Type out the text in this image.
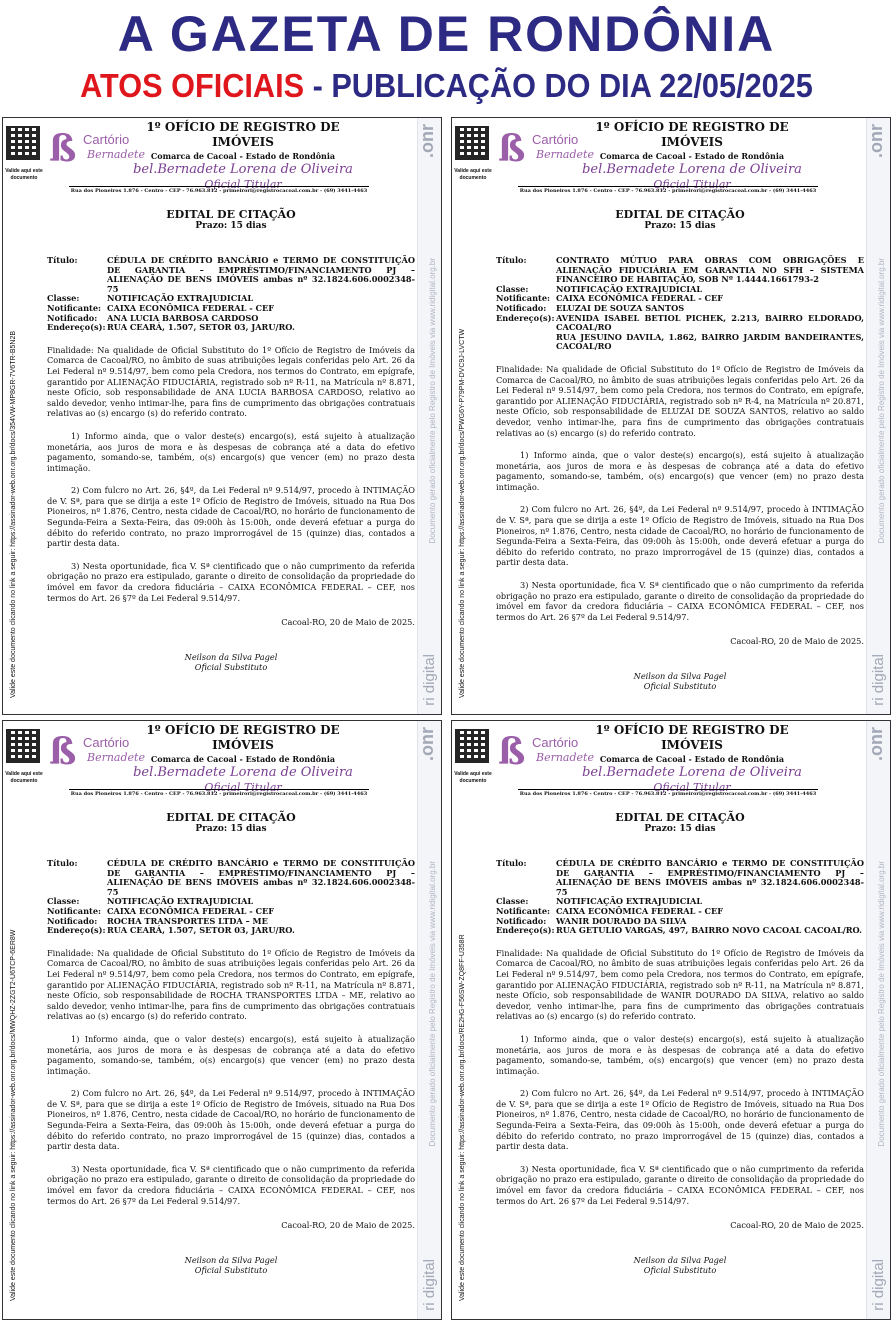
A GAZETA DE RONDÔNIA
ATOS OFICIAIS - PUBLICAÇÃO DO DIA 22/05/2025
Valide aqui este documento
ß Cartório
Bernadete
1º OFÍCIO DE REGISTRO DE IMÓVEIS
Comarca de Cacoal - Estado de Rondônia
bel.Bernadete Lorena de Oliveira
Oficial Titular
Rua dos Pioneiros 1.876 - Centro - CEP - 76.963.812 - primeirori@registrocacoal.com.br - (69) 3441-4463
Valide este documento clicando no link a seguir: https://assinador-web.onr.org.br/docs/354VW-MP8GR-7V6TR-B5N2B
.onr
Documento gerado oficialmente pelo Registro de Imóveis via www.ridigital.org.br
ri digital
EDITAL DE CITAÇÃO
Prazo: 15 dias
Título:	CÉDULA DE CRÉDITO BANCÁRIO e TERMO DE CONSTITUIÇÃO DE GARANTIA – EMPRÉSTIMO/FINANCIAMENTO PJ – ALIENAÇÃO DE BENS IMÓVEIS ambas nº 32.1824.606.0002348-75
Classe:	NOTIFICAÇÃO EXTRAJUDICIAL
Notificante:	CAIXA ECONÔMICA FEDERAL - CEF
Notificado:	ANA LUCIA BARBOSA CARDOSO
Endereço(s):	RUA CEARÁ, 1.507, SETOR 03, JARU/RO.
Finalidade: Na qualidade de Oficial Substituto do 1º Ofício de Registro de Imóveis da Comarca de Cacoal/RO, no âmbito de suas atribuições legais conferidas pelo Art. 26 da Lei Federal nº 9.514/97, bem como pela Credora, nos termos do Contrato, em epígrafe, garantido por ALIENAÇÃO FIDUCIÁRIA, registrado sob nº R-11, na Matrícula nº 8.871, neste Ofício, sob responsabilidade de ANA LUCIA BARBOSA CARDOSO, relativo ao saldo devedor, venho intimar-lhe, para fins de cumprimento das obrigações contratuais relativas ao (s) encargo (s) do referido contrato.
1) Informo ainda, que o valor deste(s) encargo(s), está sujeito à atualização monetária, aos juros de mora e às despesas de cobrança até a data do efetivo pagamento, somando-se, também, o(s) encargo(s) que vencer (em) no prazo desta intimação.
2) Com fulcro no Art. 26, §4º, da Lei Federal nº 9.514/97, procedo à INTIMAÇÃO de V. Sª, para que se dirija a este 1º Ofício de Registro de Imóveis, situado na Rua Dos Pioneiros, nº 1.876, Centro, nesta cidade de Cacoal/RO, no horário de funcionamento de Segunda-Feira a Sexta-Feira, das 09:00h às 15:00h, onde deverá efetuar a purga do débito do referido contrato, no prazo improrrogável de 15 (quinze) dias, contados a partir desta data.
3) Nesta oportunidade, fica V. Sª cientificado que o não cumprimento da referida obrigação no prazo era estipulado, garante o direito de consolidação da propriedade do imóvel em favor da credora fiduciária – CAIXA ECONÔMICA FEDERAL – CEF, nos termos do Art. 26 §7º da Lei Federal 9.514/97.
Cacoal-RO, 20 de Maio de 2025.
Neilson da Silva Pagel
Oficial Substituto
Valide aqui este documento
ß Cartório
Bernadete
1º OFÍCIO DE REGISTRO DE IMÓVEIS
Comarca de Cacoal - Estado de Rondônia
bel.Bernadete Lorena de Oliveira
Oficial Titular
Rua dos Pioneiros 1.876 - Centro - CEP - 76.963.812 - primeirori@registrocacoal.com.br - (69) 3441-4463
Valide este documento clicando no link a seguir: https://assinador-web.onr.org.br/docs/PWG6Y-P79PM-DVC9J-LVCTW
.onr
Documento gerado oficialmente pelo Registro de Imóveis via www.ridigital.org.br
ri digital
EDITAL DE CITAÇÃO
Prazo: 15 dias
Título:	CONTRATO MÚTUO PARA OBRAS COM OBRIGAÇÕES E ALIENAÇÃO FIDUCIÁRIA EM GARANTIA NO SFH – SISTEMA FINANCEIRO DE HABITAÇÃO, SOB Nº 1.4444.1661793-2
Classe:	NOTIFICAÇÃO EXTRAJUDICIAL
Notificante:	CAIXA ECONÔMICA FEDERAL - CEF
Notificado:	ELUZAI DE SOUZA SANTOS
Endereço(s):	AVENIDA ISABEL BETIOL PICHEK, 2.213, BAIRRO ELDORADO, CACOAL/RO
RUA JESUINO DAVILA, 1.862, BAIRRO JARDIM BANDEIRANTES, CACOAL/RO
Finalidade: Na qualidade de Oficial Substituto do 1º Ofício de Registro de Imóveis da Comarca de Cacoal/RO, no âmbito de suas atribuições legais conferidas pelo Art. 26 da Lei Federal nº 9.514/97, bem como pela Credora, nos termos do Contrato, em epígrafe, garantido por ALIENAÇÃO FIDUCIÁRIA, registrado sob nº R-4, na Matrícula nº 20.871, neste Ofício, sob responsabilidade de ELUZAI DE SOUZA SANTOS, relativo ao saldo devedor, venho intimar-lhe, para fins de cumprimento das obrigações contratuais relativas ao (s) encargo (s) do referido contrato.
1) Informo ainda, que o valor deste(s) encargo(s), está sujeito à atualização monetária, aos juros de mora e às despesas de cobrança até a data do efetivo pagamento, somando-se, também, o(s) encargo(s) que vencer (em) no prazo desta intimação.
2) Com fulcro no Art. 26, §4º, da Lei Federal nº 9.514/97, procedo à INTIMAÇÃO de V. Sª, para que se dirija a este 1º Ofício de Registro de Imóveis, situado na Rua Dos Pioneiros, nº 1.876, Centro, nesta cidade de Cacoal/RO, no horário de funcionamento de Segunda-Feira a Sexta-Feira, das 09:00h às 15:00h, onde deverá efetuar a purga do débito do referido contrato, no prazo improrrogável de 15 (quinze) dias, contados a partir desta data.
3) Nesta oportunidade, fica V. Sª cientificado que o não cumprimento da referida obrigação no prazo era estipulado, garante o direito de consolidação da propriedade do imóvel em favor da credora fiduciária – CAIXA ECONÔMICA FEDERAL – CEF, nos termos do Art. 26 §7º da Lei Federal 9.514/97.
Cacoal-RO, 20 de Maio de 2025.
Neilson da Silva Pagel
Oficial Substituto
Valide aqui este documento
ß Cartório
Bernadete
1º OFÍCIO DE REGISTRO DE IMÓVEIS
Comarca de Cacoal - Estado de Rondônia
bel.Bernadete Lorena de Oliveira
Oficial Titular
Rua dos Pioneiros 1.876 - Centro - CEP - 76.963.812 - primeirori@registrocacoal.com.br - (69) 3441-4463
Valide este documento clicando no link a seguir: https://assinador-web.onr.org.br/docs/MWQHZ-2ZGT2-U6TCP-6ER8W
.onr
Documento gerado oficialmente pelo Registro de Imóveis via www.ridigital.org.br
ri digital
EDITAL DE CITAÇÃO
Prazo: 15 dias
Título:	CÉDULA DE CRÉDITO BANCÁRIO e TERMO DE CONSTITUIÇÃO DE GARANTIA – EMPRÉSTIMO/FINANCIAMENTO PJ – ALIENAÇÃO DE BENS IMÓVEIS ambas nº 32.1824.606.0002348-75
Classe:	NOTIFICAÇÃO EXTRAJUDICIAL
Notificante:	CAIXA ECONÔMICA FEDERAL - CEF
Notificado:	ROCHA TRANSPORTES LTDA – ME
Endereço(s):	RUA CEARÁ, 1.507, SETOR 03, JARU/RO.
Finalidade: Na qualidade de Oficial Substituto do 1º Ofício de Registro de Imóveis da Comarca de Cacoal/RO, no âmbito de suas atribuições legais conferidas pelo Art. 26 da Lei Federal nº 9.514/97, bem como pela Credora, nos termos do Contrato, em epígrafe, garantido por ALIENAÇÃO FIDUCIÁRIA, registrado sob nº R-11, na Matrícula nº 8.871, neste Ofício, sob responsabilidade de ROCHA TRANSPORTES LTDA – ME, relativo ao saldo devedor, venho intimar-lhe, para fins de cumprimento das obrigações contratuais relativas ao (s) encargo (s) do referido contrato.
1) Informo ainda, que o valor deste(s) encargo(s), está sujeito à atualização monetária, aos juros de mora e às despesas de cobrança até a data do efetivo pagamento, somando-se, também, o(s) encargo(s) que vencer (em) no prazo desta intimação.
2) Com fulcro no Art. 26, §4º, da Lei Federal nº 9.514/97, procedo à INTIMAÇÃO de V. Sª, para que se dirija a este 1º Ofício de Registro de Imóveis, situado na Rua Dos Pioneiros, nº 1.876, Centro, nesta cidade de Cacoal/RO, no horário de funcionamento de Segunda-Feira a Sexta-Feira, das 09:00h às 15:00h, onde deverá efetuar a purga do débito do referido contrato, no prazo improrrogável de 15 (quinze) dias, contados a partir desta data.
3) Nesta oportunidade, fica V. Sª cientificado que o não cumprimento da referida obrigação no prazo era estipulado, garante o direito de consolidação da propriedade do imóvel em favor da credora fiduciária – CAIXA ECONÔMICA FEDERAL – CEF, nos termos do Art. 26 §7º da Lei Federal 9.514/97.
Cacoal-RO, 20 de Maio de 2025.
Neilson da Silva Pagel
Oficial Substituto
Valide aqui este documento
ß Cartório
Bernadete
1º OFÍCIO DE REGISTRO DE IMÓVEIS
Comarca de Cacoal - Estado de Rondônia
bel.Bernadete Lorena de Oliveira
Oficial Titular
Rua dos Pioneiros 1.876 - Centro - CEP - 76.963.812 - primeirori@registrocacoal.com.br - (69) 3441-4463
Valide este documento clicando no link a seguir: https://assinador-web.onr.org.br/docs/RE2HG-F56SW-ZQ8FF-U358R
.onr
Documento gerado oficialmente pelo Registro de Imóveis via www.ridigital.org.br
ri digital
EDITAL DE CITAÇÃO
Prazo: 15 dias
Título:	CÉDULA DE CRÉDITO BANCÁRIO e TERMO DE CONSTITUIÇÃO DE GARANTIA – EMPRÉSTIMO/FINANCIAMENTO PJ – ALIENAÇÃO DE BENS IMÓVEIS ambas nº 32.1824.606.0002348-75
Classe:	NOTIFICAÇÃO EXTRAJUDICIAL
Notificante:	CAIXA ECONÔMICA FEDERAL - CEF
Notificado:	WANIR DOURADO DA SILVA
Endereço(s):	RUA GETULIO VARGAS, 497, BAIRRO NOVO CACOAL CACOAL/RO.
Finalidade: Na qualidade de Oficial Substituto do 1º Ofício de Registro de Imóveis da Comarca de Cacoal/RO, no âmbito de suas atribuições legais conferidas pelo Art. 26 da Lei Federal nº 9.514/97, bem como pela Credora, nos termos do Contrato, em epígrafe, garantido por ALIENAÇÃO FIDUCIÁRIA, registrado sob nº R-11, na Matrícula nº 8.871, neste Ofício, sob responsabilidade de WANIR DOURADO DA SILVA, relativo ao saldo devedor, venho intimar-lhe, para fins de cumprimento das obrigações contratuais relativas ao (s) encargo (s) do referido contrato.
1) Informo ainda, que o valor deste(s) encargo(s), está sujeito à atualização monetária, aos juros de mora e às despesas de cobrança até a data do efetivo pagamento, somando-se, também, o(s) encargo(s) que vencer (em) no prazo desta intimação.
2) Com fulcro no Art. 26, §4º, da Lei Federal nº 9.514/97, procedo à INTIMAÇÃO de V. Sª, para que se dirija a este 1º Ofício de Registro de Imóveis, situado na Rua Dos Pioneiros, nº 1.876, Centro, nesta cidade de Cacoal/RO, no horário de funcionamento de Segunda-Feira a Sexta-Feira, das 09:00h às 15:00h, onde deverá efetuar a purga do débito do referido contrato, no prazo improrrogável de 15 (quinze) dias, contados a partir desta data.
3) Nesta oportunidade, fica V. Sª cientificado que o não cumprimento da referida obrigação no prazo era estipulado, garante o direito de consolidação da propriedade do imóvel em favor da credora fiduciária – CAIXA ECONÔMICA FEDERAL – CEF, nos termos do Art. 26 §7º da Lei Federal 9.514/97.
Cacoal-RO, 20 de Maio de 2025.
Neilson da Silva Pagel
Oficial Substituto
